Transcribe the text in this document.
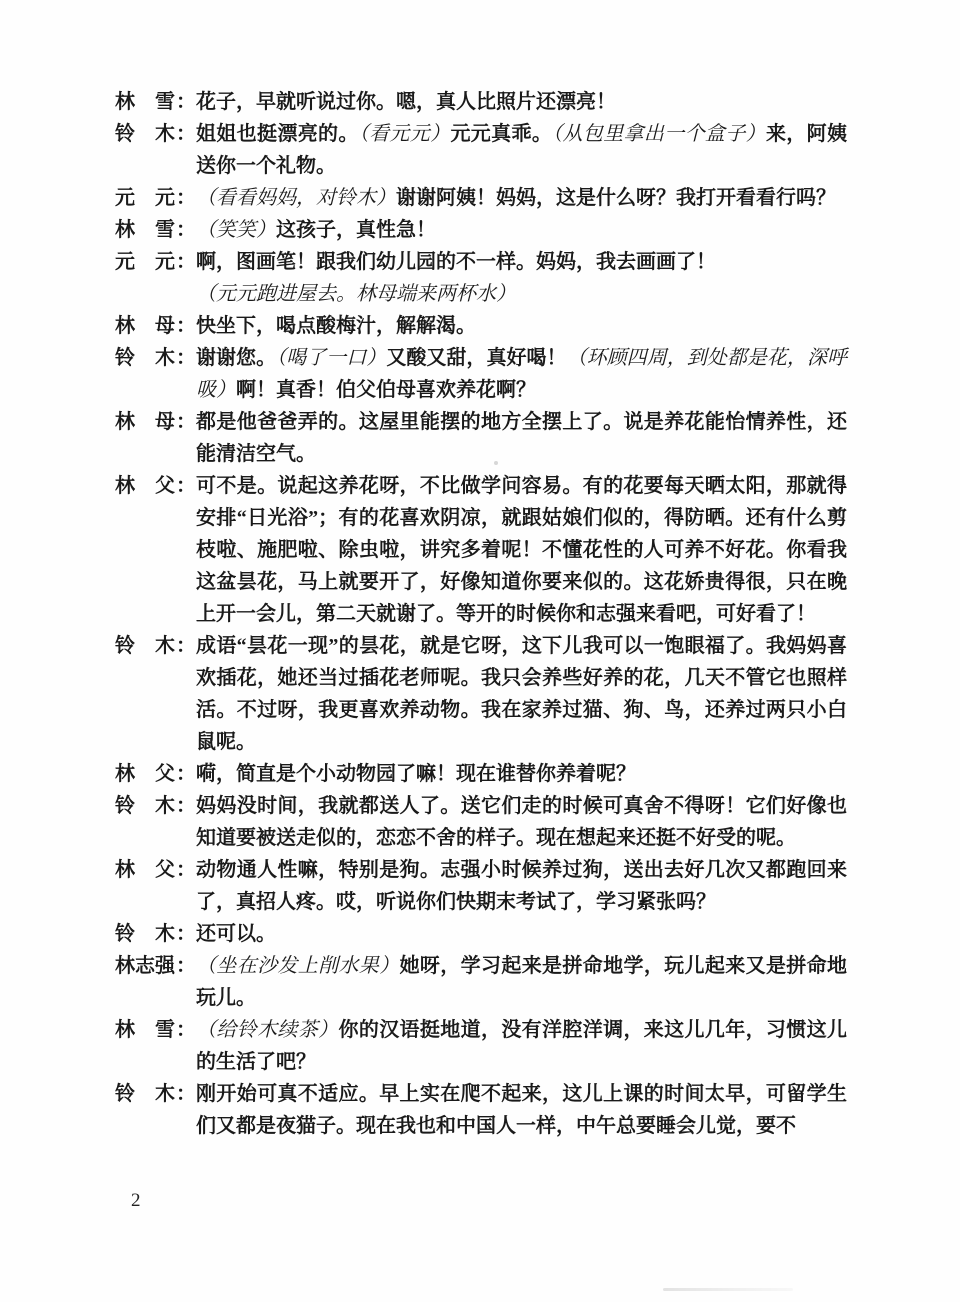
林　雪 ： 花子，早就听说过你。嗯，真人比照片还漂亮！
铃　木 ： 姐姐也挺漂亮的。（看元元）元元真乖。（从包里拿出一个盒子）来，阿姨送你一个礼物。
元　元 ： （看看妈妈，对铃木）谢谢阿姨！妈妈，这是什么呀？我打开看看行吗？
林　雪 ： （笑笑）这孩子，真性急！
元　元 ： 啊，图画笔！跟我们幼儿园的不一样。妈妈，我去画画了！
（元元跑进屋去。林母端来两杯水）
林　母 ： 快坐下，喝点酸梅汁，解解渴。
铃　木 ： 谢谢您。（喝了一口）又酸又甜，真好喝！（环顾四周，到处都是花，深呼吸）啊！真香！伯父伯母喜欢养花啊？
林　母 ： 都是他爸爸弄的。这屋里能摆的地方全摆上了。说是养花能怡情养性，还能清洁空气。
林　父 ： 可不是。说起这养花呀，不比做学问容易。有的花要每天晒太阳，那就得安排“日光浴”；有的花喜欢阴凉，就跟姑娘们似的，得防晒。还有什么剪枝啦、施肥啦、除虫啦，讲究多着呢！不懂花性的人可养不好花。你看我这盆昙花，马上就要开了，好像知道你要来似的。这花娇贵得很，只在晚上开一会儿，第二天就谢了。等开的时候你和志强来看吧，可好看了！
铃　木 ： 成语“昙花一现”的昙花，就是它呀，这下儿我可以一饱眼福了。我妈妈喜欢插花，她还当过插花老师呢。我只会养些好养的花，几天不管它也照样活。不过呀，我更喜欢养动物。我在家养过猫、狗、鸟，还养过两只小白鼠呢。
林　父 ： 嗬，简直是个小动物园了嘛！现在谁替你养着呢？
铃　木 ： 妈妈没时间，我就都送人了。送它们走的时候可真舍不得呀！它们好像也知道要被送走似的，恋恋不舍的样子。现在想起来还挺不好受的呢。
林　父 ： 动物通人性嘛，特别是狗。志强小时候养过狗，送出去好几次又都跑回来了，真招人疼。哎，听说你们快期末考试了，学习紧张吗？
铃　木 ： 还可以。
林志强 ： （坐在沙发上削水果）她呀，学习起来是拼命地学，玩儿起来又是拼命地玩儿。
林　雪 ： （给铃木续茶）你的汉语挺地道，没有洋腔洋调，来这儿几年，习惯这儿的生活了吧？
铃　木 ： 刚开始可真不适应。早上实在爬不起来，这儿上课的时间太早，可留学生们又都是夜猫子。现在我也和中国人一样，中午总要睡会儿觉，要不
2
